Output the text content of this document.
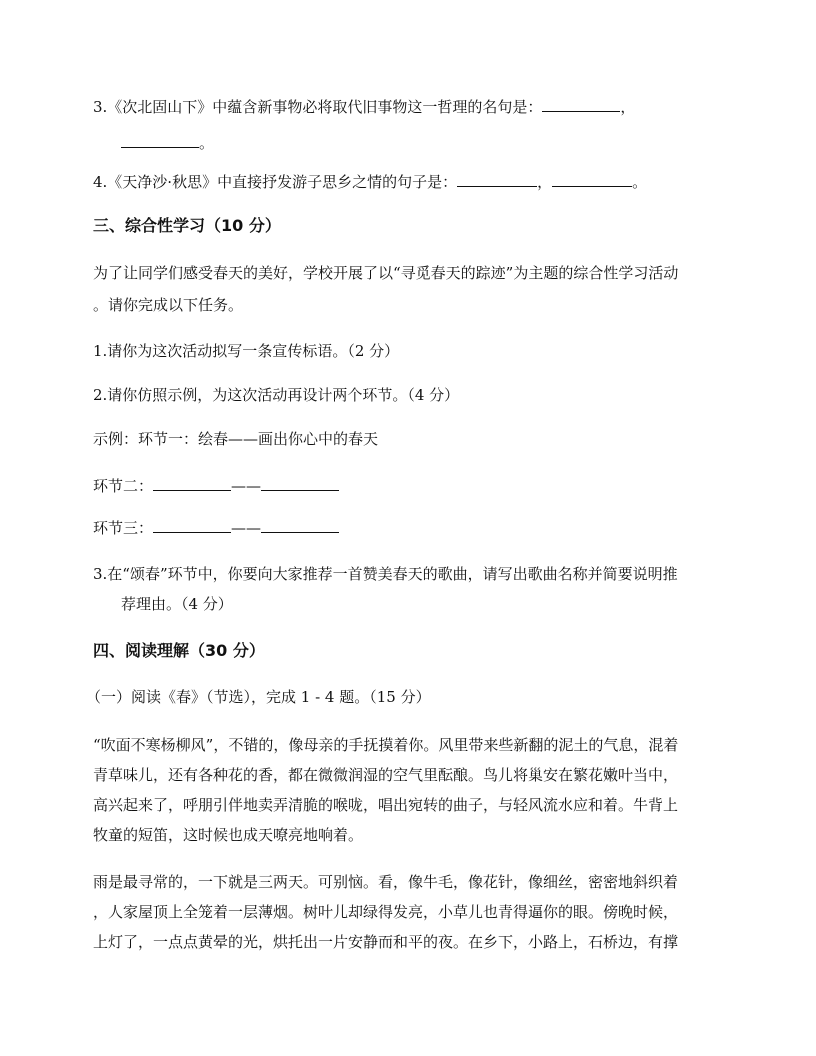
3.《次北固山下》中蕴含新事物必将取代旧事物这一哲理的名句是：	，
。
4.《天净沙·秋思》中直接抒发游子思乡之情的句子是：	，	。
三、综合性学习（10 分）
为了让同学们感受春天的美好，学校开展了以“寻觅春天的踪迹”为主题的综合性学习活动
。请你完成以下任务。
1.请你为这次活动拟写一条宣传标语。（2 分）
2.请你仿照示例，为这次活动再设计两个环节。（4 分）
示例：环节一：绘春——画出你心中的春天
环节二：	——
环节三：	——
3.在“颂春”环节中，你要向大家推荐一首赞美春天的歌曲，请写出歌曲名称并简要说明推
荐理由。（4 分）
四、阅读理解（30 分）
（一）阅读《春》（节选），完成 1 - 4 题。（15 分）
“吹面不寒杨柳风”，不错的，像母亲的手抚摸着你。风里带来些新翻的泥土的气息，混着
青草味儿，还有各种花的香，都在微微润湿的空气里酝酿。鸟儿将巢安在繁花嫩叶当中，
高兴起来了，呼朋引伴地卖弄清脆的喉咙，唱出宛转的曲子，与轻风流水应和着。牛背上
牧童的短笛，这时候也成天嘹亮地响着。
雨是最寻常的，一下就是三两天。可别恼。看，像牛毛，像花针，像细丝，密密地斜织着
，人家屋顶上全笼着一层薄烟。树叶儿却绿得发亮，小草儿也青得逼你的眼。傍晚时候，
上灯了，一点点黄晕的光，烘托出一片安静而和平的夜。在乡下，小路上，石桥边，有撑
